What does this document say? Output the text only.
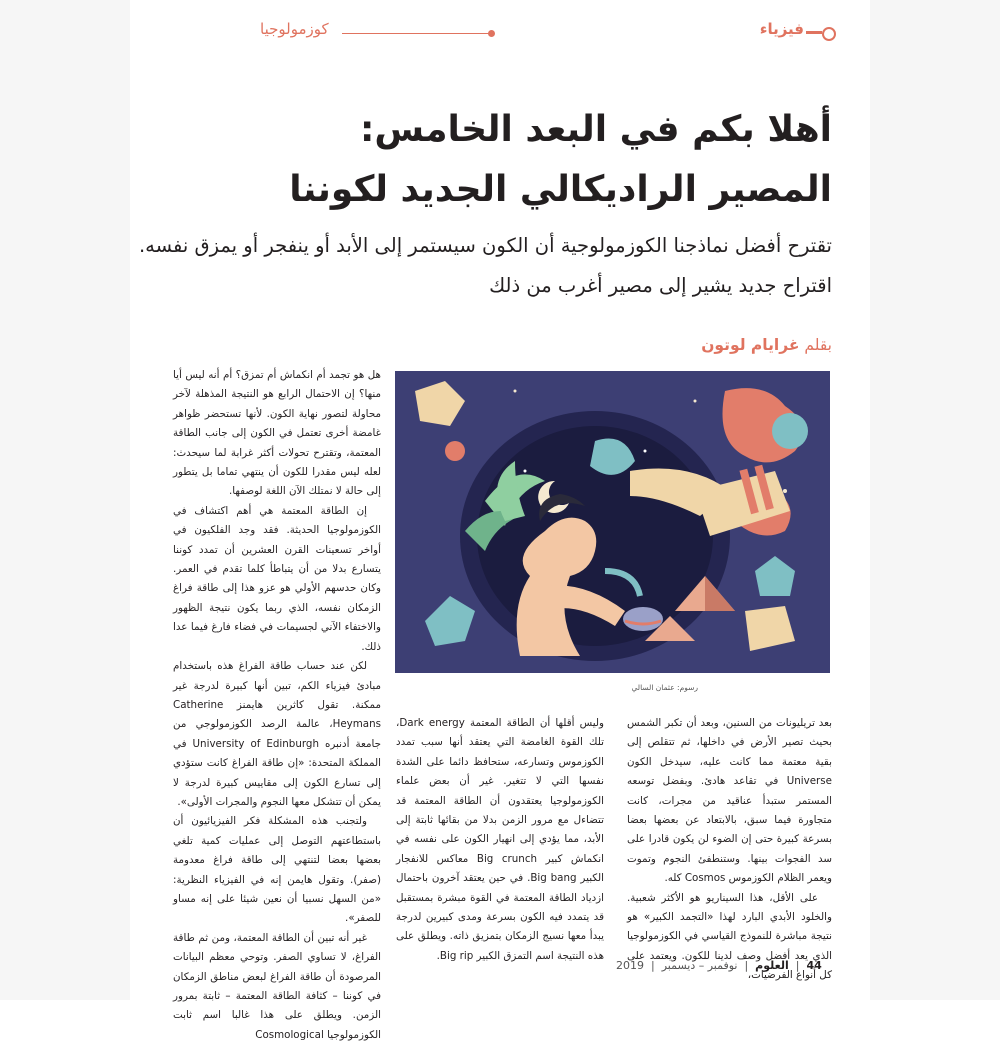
فيزياء
كوزمولوجيا
أهلا بكم في البعد الخامس:
المصير الراديكالي الجديد لكوننا
تقترح أفضل نماذجنا الكوزمولوجية أن الكون سيستمر إلى الأبد أو ينفجر أو يمزق نفسه.
اقتراح جديد يشير إلى مصير أغرب من ذلك
بقلم غرايام لوتون
رسوم: عثمان السالي

هل هو تجمد أم انكماش أم تمزق؟ أم أنه ليس أيا منها؟ إن الاحتمال الرابع هو النتيجة المذهلة لآخر محاولة لتصور نهاية الكون. لأنها تستحضر ظواهر غامضة أخرى تعتمل في الكون إلى جانب الطاقة المعتمة، وتقترح تحولات أكثر غرابة لما سيحدث: لعله ليس مقدرا للكون أن ينتهي تماما بل يتطور إلى حالة لا نمتلك الآن اللغة لوصفها.

إن الطاقة المعتمة هي أهم اكتشاف في الكوزمولوجيا الحديثة. فقد وجد الفلكيون في أواخر تسعينات القرن العشرين أن تمدد كوننا يتسارع بدلا من أن يتباطأ كلما تقدم في العمر. وكان حدسهم الأولي هو عزو هذا إلى طاقة فراغ الزمكان نفسه، الذي ربما يكون نتيجة الظهور والاختفاء الآني لجسيمات في فضاء فارغ فيما عدا ذلك.

لكن عند حساب طاقة الفراغ هذه باستخدام مبادئ فيزياء الكم، تبين أنها كبيرة لدرجة غير ممكنة. تقول كاثرين هايمنز Catherine Heymans، عالمة الرصد الكوزمولوجي من جامعة أدنبره University of Edinburgh في المملكة المتحدة: «إن طاقة الفراغ كانت ستؤدي إلى تسارع الكون إلى مقاييس كبيرة لدرجة لا يمكن أن تتشكل معها النجوم والمجرات الأولى».

ولتجنب هذه المشكلة فكر الفيزيائيون أن باستطاعتهم التوصل إلى عمليات كمية تلغي بعضها بعضا لتنتهي إلى طاقة فراغ معدومة (صفر). وتقول هايمن إنه في الفيزياء النظرية: «من السهل نسبيا أن نعين شيئا على إنه مساو للصفر».

غير أنه تبين أن الطاقة المعتمة، ومن ثم طاقة الفراغ، لا تساوي الصفر. وتوحي معظم البيانات المرصودة أن طاقة الفراغ لبعض مناطق الزمكان في كوننا – كثافة الطاقة المعتمة – ثابتة بمرور الزمن. ويطلق على هذا غالبا اسم ثابت الكوزمولوجيا Cosmological

وليس أقلها أن الطاقة المعتمة Dark energy، تلك القوة الغامضة التي يعتقد أنها سبب تمدد الكوزموس وتسارعه، ستحافظ دائما على الشدة نفسها التي لا تتغير. غير أن بعض علماء الكوزمولوجيا يعتقدون أن الطاقة المعتمة قد تتضاءل مع مرور الزمن بدلا من بقائها ثابتة إلى الأبد، مما يؤدي إلى انهيار الكون على نفسه في انكماش كبير Big crunch معاكس للانفجار الكبير Big bang. في حين يعتقد آخرون باحتمال ازدياد الطاقة المعتمة في القوة مبشرة بمستقبل قد يتمدد فيه الكون بسرعة ومدى كبيرين لدرجة يبدأ معها نسيج الزمكان بتمزيق ذاته. ويطلق على هذه النتيجة اسم التمزق الكبير Big rip.

بعد تريليونات من السنين، وبعد أن تكبر الشمس بحيث تصير الأرض في داخلها، ثم تتقلص إلى بقية معتمة مما كانت عليه، سيدخل الكون Universe في تقاعد هادئ. وبفضل توسعه المستمر ستبدأ عناقيد من مجرات، كانت متجاورة فيما سبق، بالابتعاد عن بعضها بعضا بسرعة كبيرة حتى إن الضوء لن يكون قادرا على سد الفجوات بينها. وستنطفئ النجوم وتموت ويعمر الظلام الكوزموس Cosmos كله.

على الأقل، هذا السيناريو هو الأكثر شعبية. والخلود الأبدي البارد لهذا «التجمد الكبير» هو نتيجة مباشرة للنموذج القياسي في الكوزمولوجيا الذي يعد أفضل وصف لدينا للكون. ويعتمد على كل أنواع الفرضيات،

44  |  العلوم  |  نوفمبر – ديسمبر  |  2019
